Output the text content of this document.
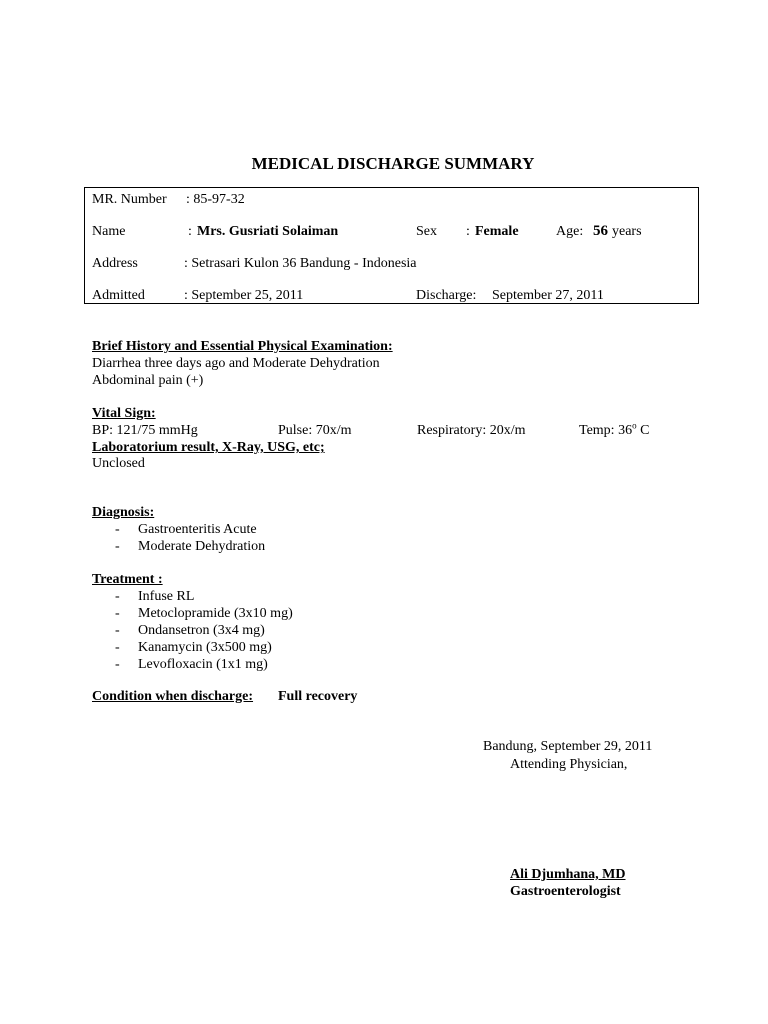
MEDICAL DISCHARGE SUMMARY
MR. Number : 85-97-32
Name	: Mrs. Gusriati Solaiman	Sex : Female	Age: 56 years
Address	: Setrasari Kulon 36 Bandung - Indonesia
Admitted	: September 25, 2011	Discharge: September 27, 2011
Brief History and Essential Physical Examination:
Diarrhea three days ago and Moderate Dehydration
Abdominal pain (+)
Vital Sign:
BP: 121/75 mmHg	Pulse: 70x/m	Respiratory: 20x/m	Temp: 36$^o$ C
Laboratorium result, X-Ray, USG, etc;
Unclosed
Diagnosis:
- Gastroenteritis Acute
- Moderate Dehydration
Treatment :
- Infuse RL
- Metoclopramide (3x10 mg)
- Ondansetron (3x4 mg)
- Kanamycin (3x500 mg)
- Levofloxacin (1x1 mg)
Condition when discharge: Full recovery
Bandung, September 29, 2011
Attending Physician,
Ali Djumhana, MD
Gastroenterologist
